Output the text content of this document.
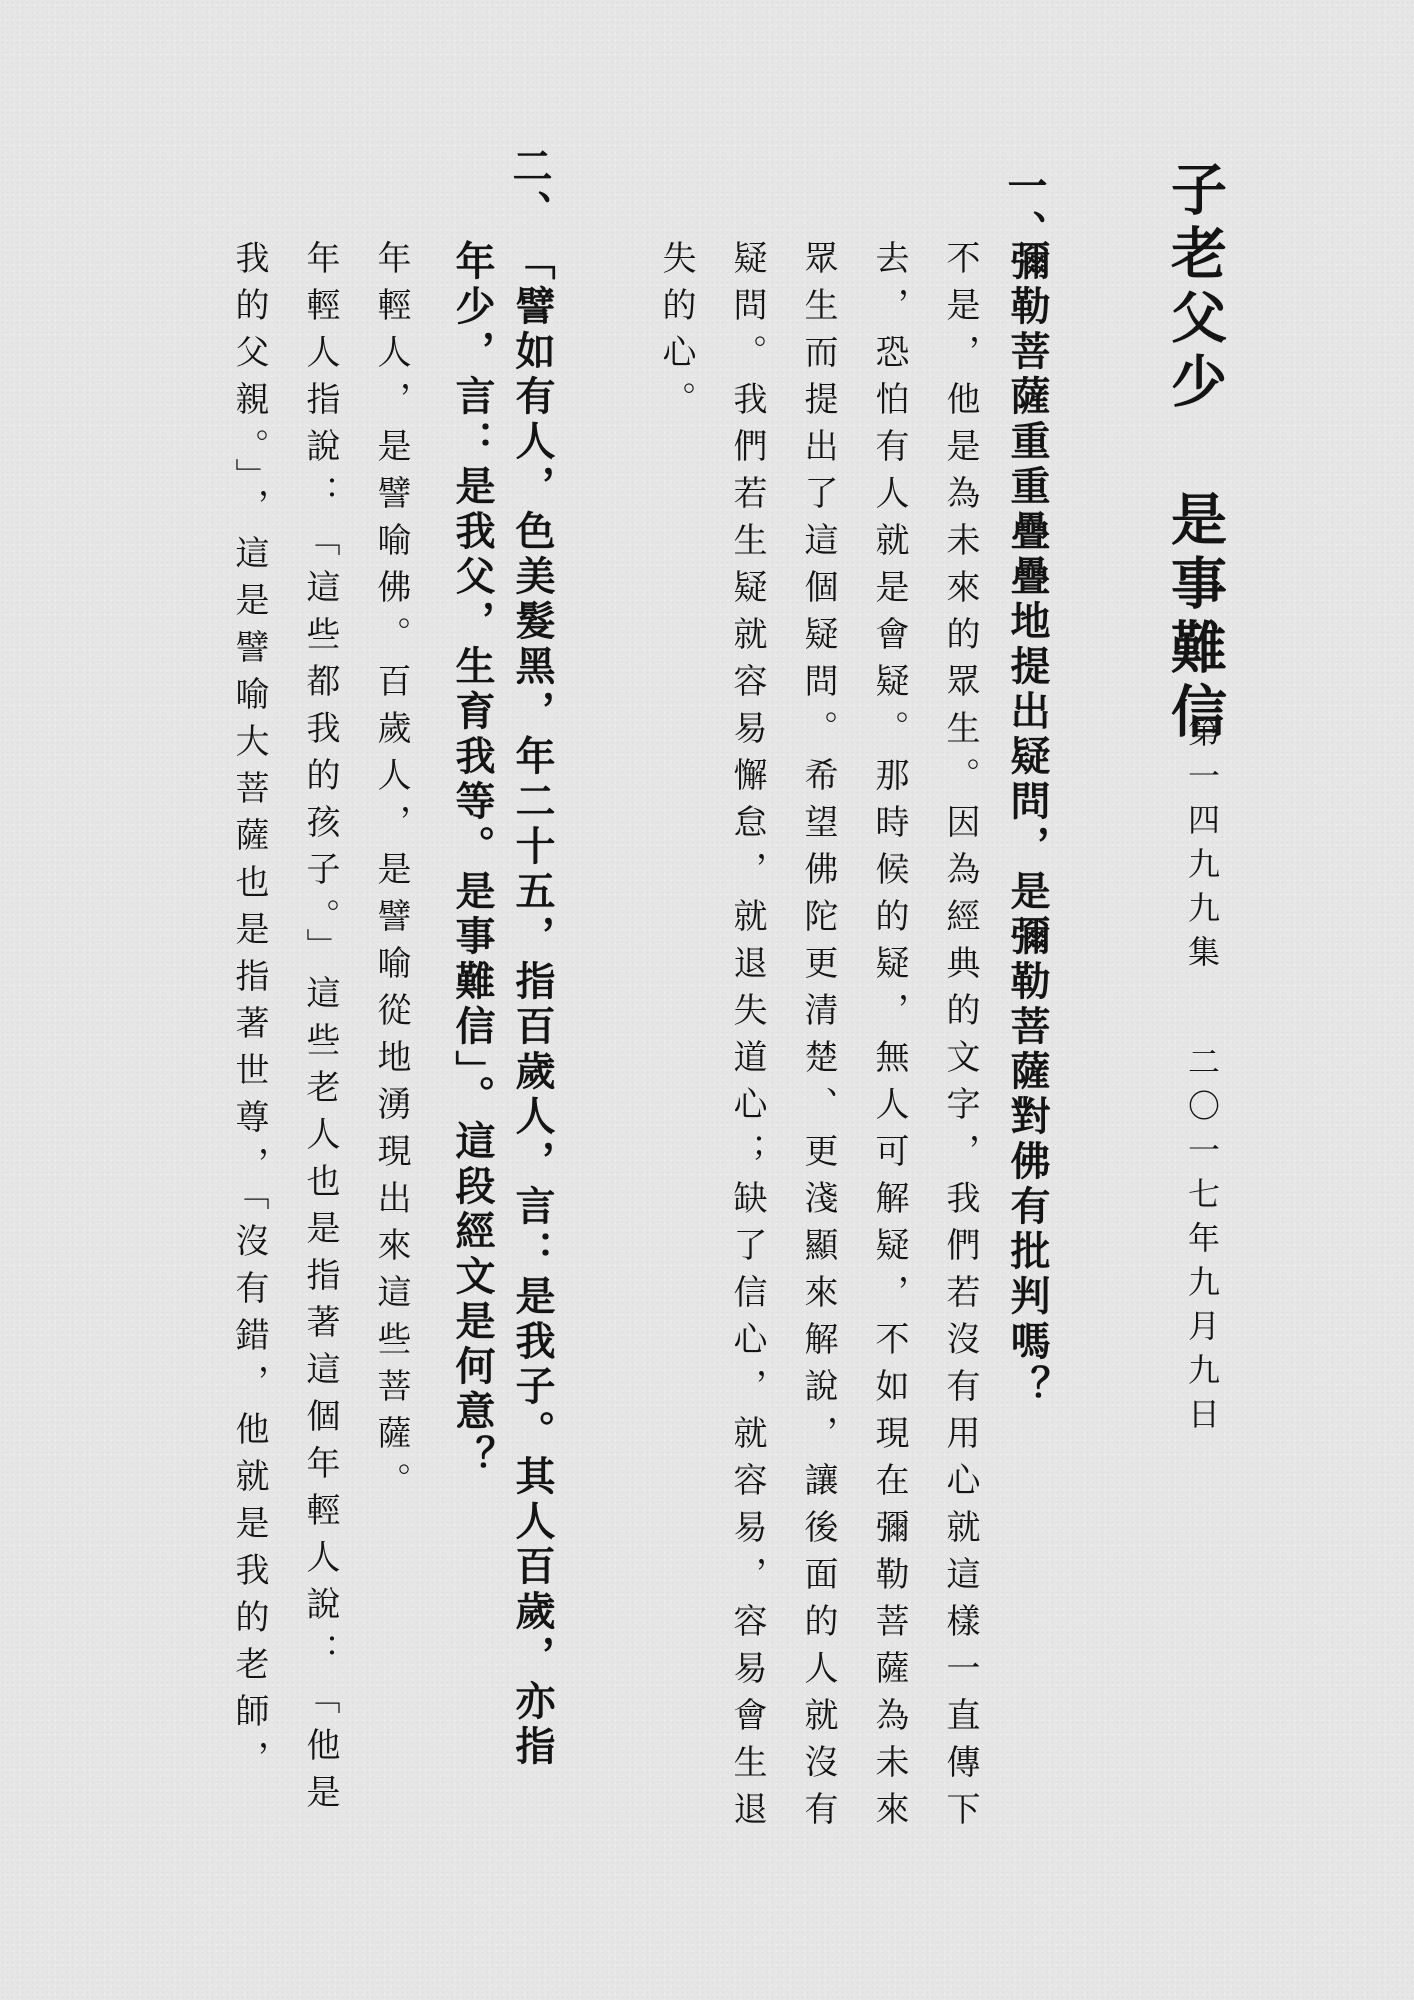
子老父少 是事難信
第一四九九集
二〇一七年九月九日
一、
彌勒菩薩重重疊疊地提出疑問，是彌勒菩薩對佛有批判嗎？
不是，他是為未來的眾生。因為經典的文字，我們若沒有用心就這樣一直傳下
去，恐怕有人就是會疑。那時候的疑，無人可解疑，不如現在彌勒菩薩為未來
眾生而提出了這個疑問。希望佛陀更清楚、更淺顯來解說，讓後面的人就沒有
疑問。我們若生疑就容易懈怠，就退失道心；缺了信心，就容易，容易會生退
失的心。
二、
「譬如有人，色美髮黑，年二十五，指百歲人，言：是我子。其人百歲，亦指
年少，言：是我父，生育我等。是事難信」。這段經文是何意？
年輕人，是譬喻佛。百歲人，是譬喻從地湧現出來這些菩薩。
年輕人指說：「這些都我的孩子。」這些老人也是指著這個年輕人說：「他是
我的父親。」，這是譬喻大菩薩也是指著世尊，「沒有錯，他就是我的老師，
